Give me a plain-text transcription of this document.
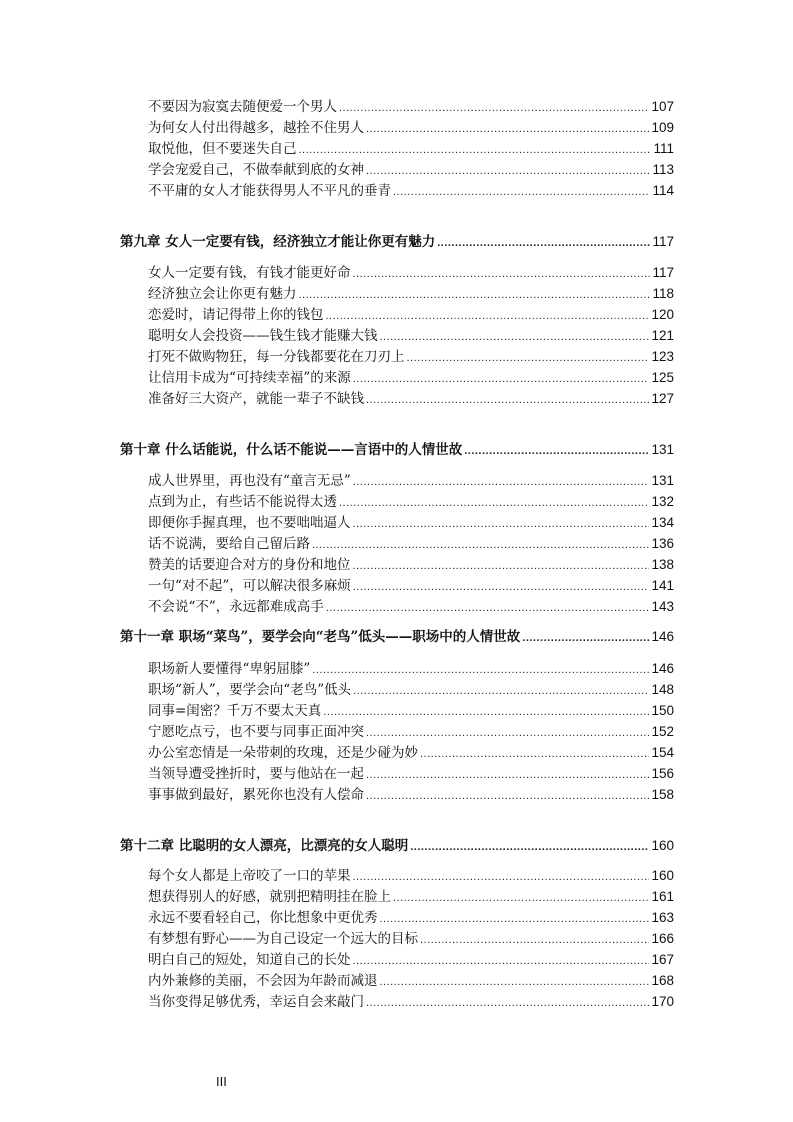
不要因为寂寞去随便爱一个男人 .....	107
为何女人付出得越多，越拴不住男人 .....	109
取悦他，但不要迷失自己 .....	111
学会宠爱自己，不做奉献到底的女神 .....	113
不平庸的女人才能获得男人不平凡的垂青 .....	114
第九章 女人一定要有钱，经济独立才能让你更有魅力 .....	117
女人一定要有钱，有钱才能更好命 .....	117
经济独立会让你更有魅力 .....	118
恋爱时，请记得带上你的钱包 .....	120
聪明女人会投资——钱生钱才能赚大钱 .....	121
打死不做购物狂，每一分钱都要花在刀刃上 .....	123
让信用卡成为“可持续幸福”的来源 .....	125
准备好三大资产，就能一辈子不缺钱 .....	127
第十章 什么话能说，什么话不能说——言语中的人情世故 .....	131
成人世界里，再也没有“童言无忌” .....	131
点到为止，有些话不能说得太透 .....	132
即便你手握真理，也不要咄咄逼人 .....	134
话不说满，要给自己留后路 .....	136
赞美的话要迎合对方的身份和地位 .....	138
一句“对不起”，可以解决很多麻烦 .....	141
不会说“不”，永远都难成高手 .....	143
第十一章 职场“菜鸟”，要学会向“老鸟”低头——职场中的人情世故 .....	146
职场新人要懂得“卑躬屈膝” .....	146
职场“新人”，要学会向“老鸟”低头 .....	148
同事=闺密？千万不要太天真 .....	150
宁愿吃点亏，也不要与同事正面冲突 .....	152
办公室恋情是一朵带刺的玫瑰，还是少碰为妙 .....	154
当领导遭受挫折时，要与他站在一起 .....	156
事事做到最好，累死你也没有人偿命 .....	158
第十二章 比聪明的女人漂亮，比漂亮的女人聪明 .....	160
每个女人都是上帝咬了一口的苹果 .....	160
想获得别人的好感，就别把精明挂在脸上 .....	161
永远不要看轻自己，你比想象中更优秀 .....	163
有梦想有野心——为自己设定一个远大的目标 .....	166
明白自己的短处，知道自己的长处 .....	167
内外兼修的美丽，不会因为年龄而减退 .....	168
当你变得足够优秀，幸运自会来敲门 .....	170
III
